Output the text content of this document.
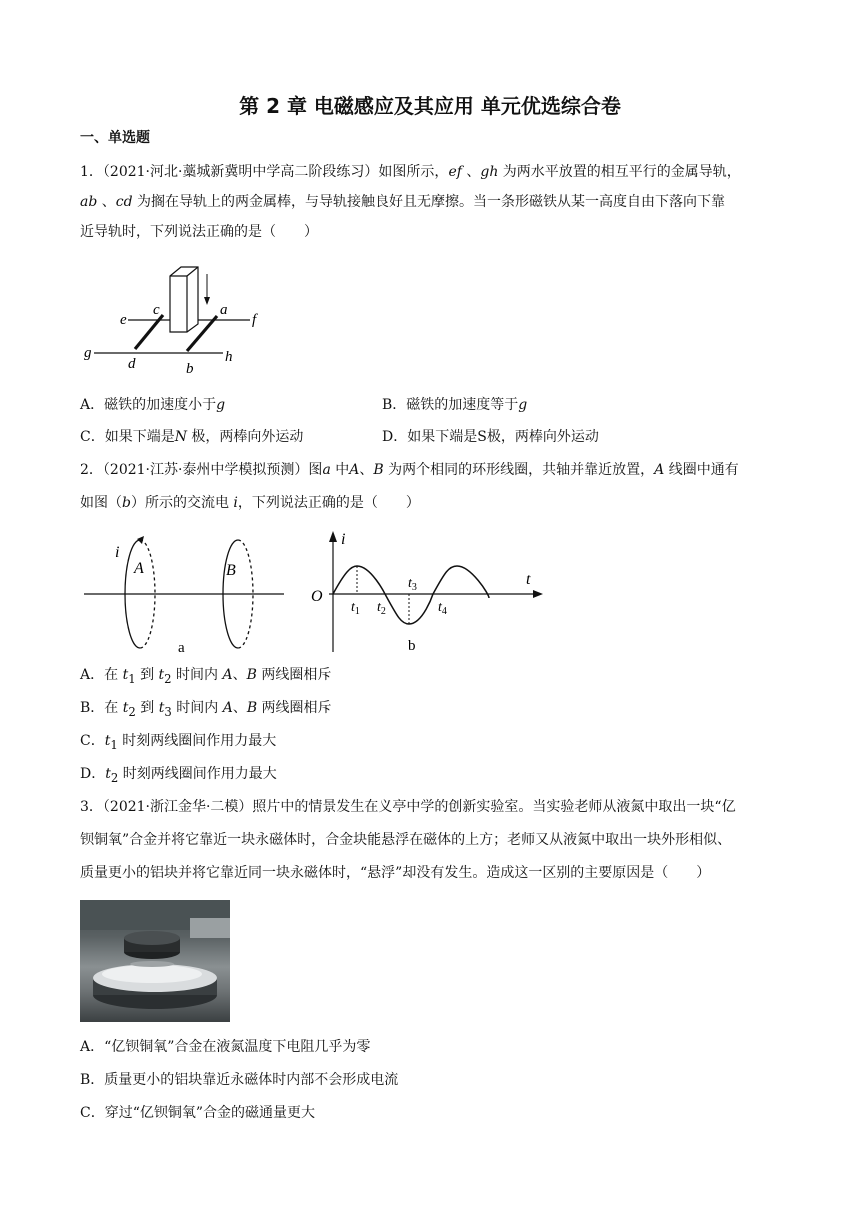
第 2 章 电磁感应及其应用 单元优选综合卷
一、单选题
1．（2021·河北·藁城新冀明中学高二阶段练习）如图所示，ef 、gh 为两水平放置的相互平行的金属导轨，
ab 、cd 为搁在导轨上的两金属棒，与导轨接触良好且无摩擦。当一条形磁铁从某一高度自由下落向下靠
近导轨时，下列说法正确的是（　　）
c	a
e	f
g	h
d	b
A．磁铁的加速度小于g	B．磁铁的加速度等于g
C．如果下端是N 极，两棒向外运动	D．如果下端是S极，两棒向外运动
2．（2021·江苏·泰州中学模拟预测）图a 中A、B 为两个相同的环形线圈，共轴并靠近放置，A 线圈中通有
如图（b）所示的交流电 i，下列说法正确的是（　　）
i
A	B
a
i
O
t
$t_1$ $t_2$
$t_3$
$t_4$
b
A．在 $t_1$ 到 $t_2$ 时间内 A、B 两线圈相斥
B．在 $t_2$ 到 $t_3$ 时间内 A、B 两线圈相斥
C．$t_1$ 时刻两线圈间作用力最大
D．$t_2$ 时刻两线圈间作用力最大
3．（2021·浙江金华·二模）照片中的情景发生在义亭中学的创新实验室。当实验老师从液氮中取出一块“亿
钡铜氧”合金并将它靠近一块永磁体时，合金块能悬浮在磁体的上方；老师又从液氮中取出一块外形相似、
质量更小的铝块并将它靠近同一块永磁体时，“悬浮”却没有发生。造成这一区别的主要原因是（　　）
A．“亿钡铜氧”合金在液氮温度下电阻几乎为零
B．质量更小的铝块靠近永磁体时内部不会形成电流
C．穿过“亿钡铜氧”合金的磁通量更大
